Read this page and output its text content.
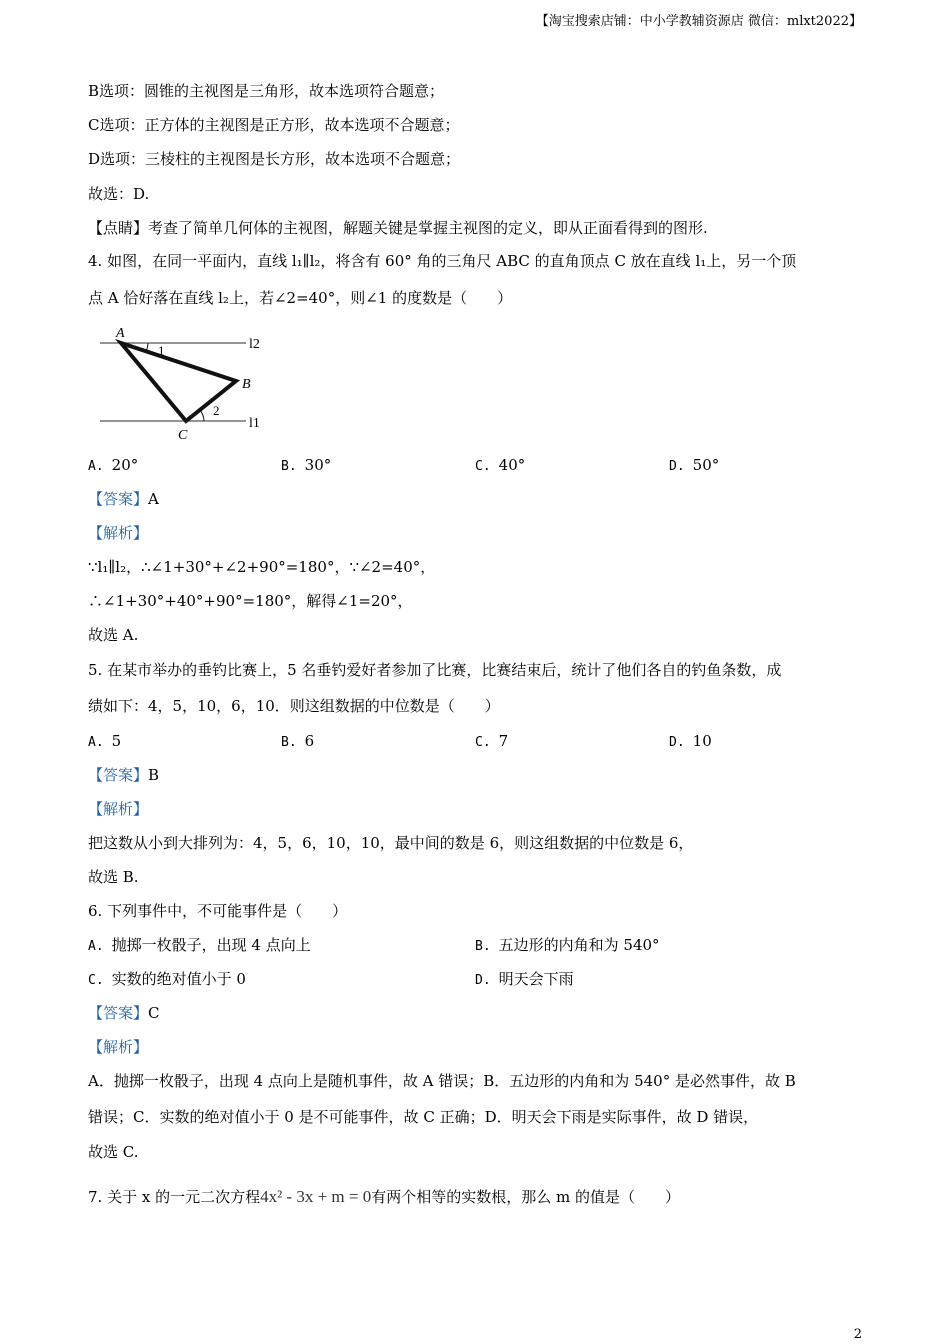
【淘宝搜索店铺：中小学教辅资源店 微信：mlxt2022】
B选项：圆锥的主视图是三角形，故本选项符合题意；
C选项：正方体的主视图是正方形，故本选项不合题意；
D选项：三棱柱的主视图是长方形，故本选项不合题意；
故选：D.
【点睛】考查了简单几何体的主视图，解题关键是掌握主视图的定义，即从正面看得到的图形.
4. 如图，在同一平面内，直线 l₁∥l₂，将含有 60° 角的三角尺 ABC 的直角顶点 C 放在直线 l₁上，另一个顶
点 A 恰好落在直线 l₂上，若∠2=40°，则∠1 的度数是（　　）
A
B
C
l2
l1
1
2
A. 20°	B. 30°	C. 40°	D. 50°
【答案】A
【解析】
∵l₁∥l₂，∴∠1+30°+∠2+90°=180°，∵∠2=40°，
∴∠1+30°+40°+90°=180°，解得∠1=20°，
故选 A.
5. 在某市举办的垂钓比赛上，5 名垂钓爱好者参加了比赛，比赛结束后，统计了他们各自的钓鱼条数，成
绩如下：4，5，10，6，10．则这组数据的中位数是（　　）
A. 5	B. 6	C. 7	D. 10
【答案】B
【解析】
把这数从小到大排列为：4，5，6，10，10，最中间的数是 6，则这组数据的中位数是 6，
故选 B.
6. 下列事件中，不可能事件是（　　）
A. 抛掷一枚骰子，出现 4 点向上	B. 五边形的内角和为 540°
C. 实数的绝对值小于 0	D. 明天会下雨
【答案】C
【解析】
A．抛掷一枚骰子，出现 4 点向上是随机事件，故 A 错误；B．五边形的内角和为 540° 是必然事件，故 B
错误；C．实数的绝对值小于 0 是不可能事件，故 C 正确；D．明天会下雨是实际事件，故 D 错误，
故选 C.
7. 关于 x 的一元二次方程4x² - 3x + m = 0有两个相等的实数根，那么 m 的值是（　　）
2
